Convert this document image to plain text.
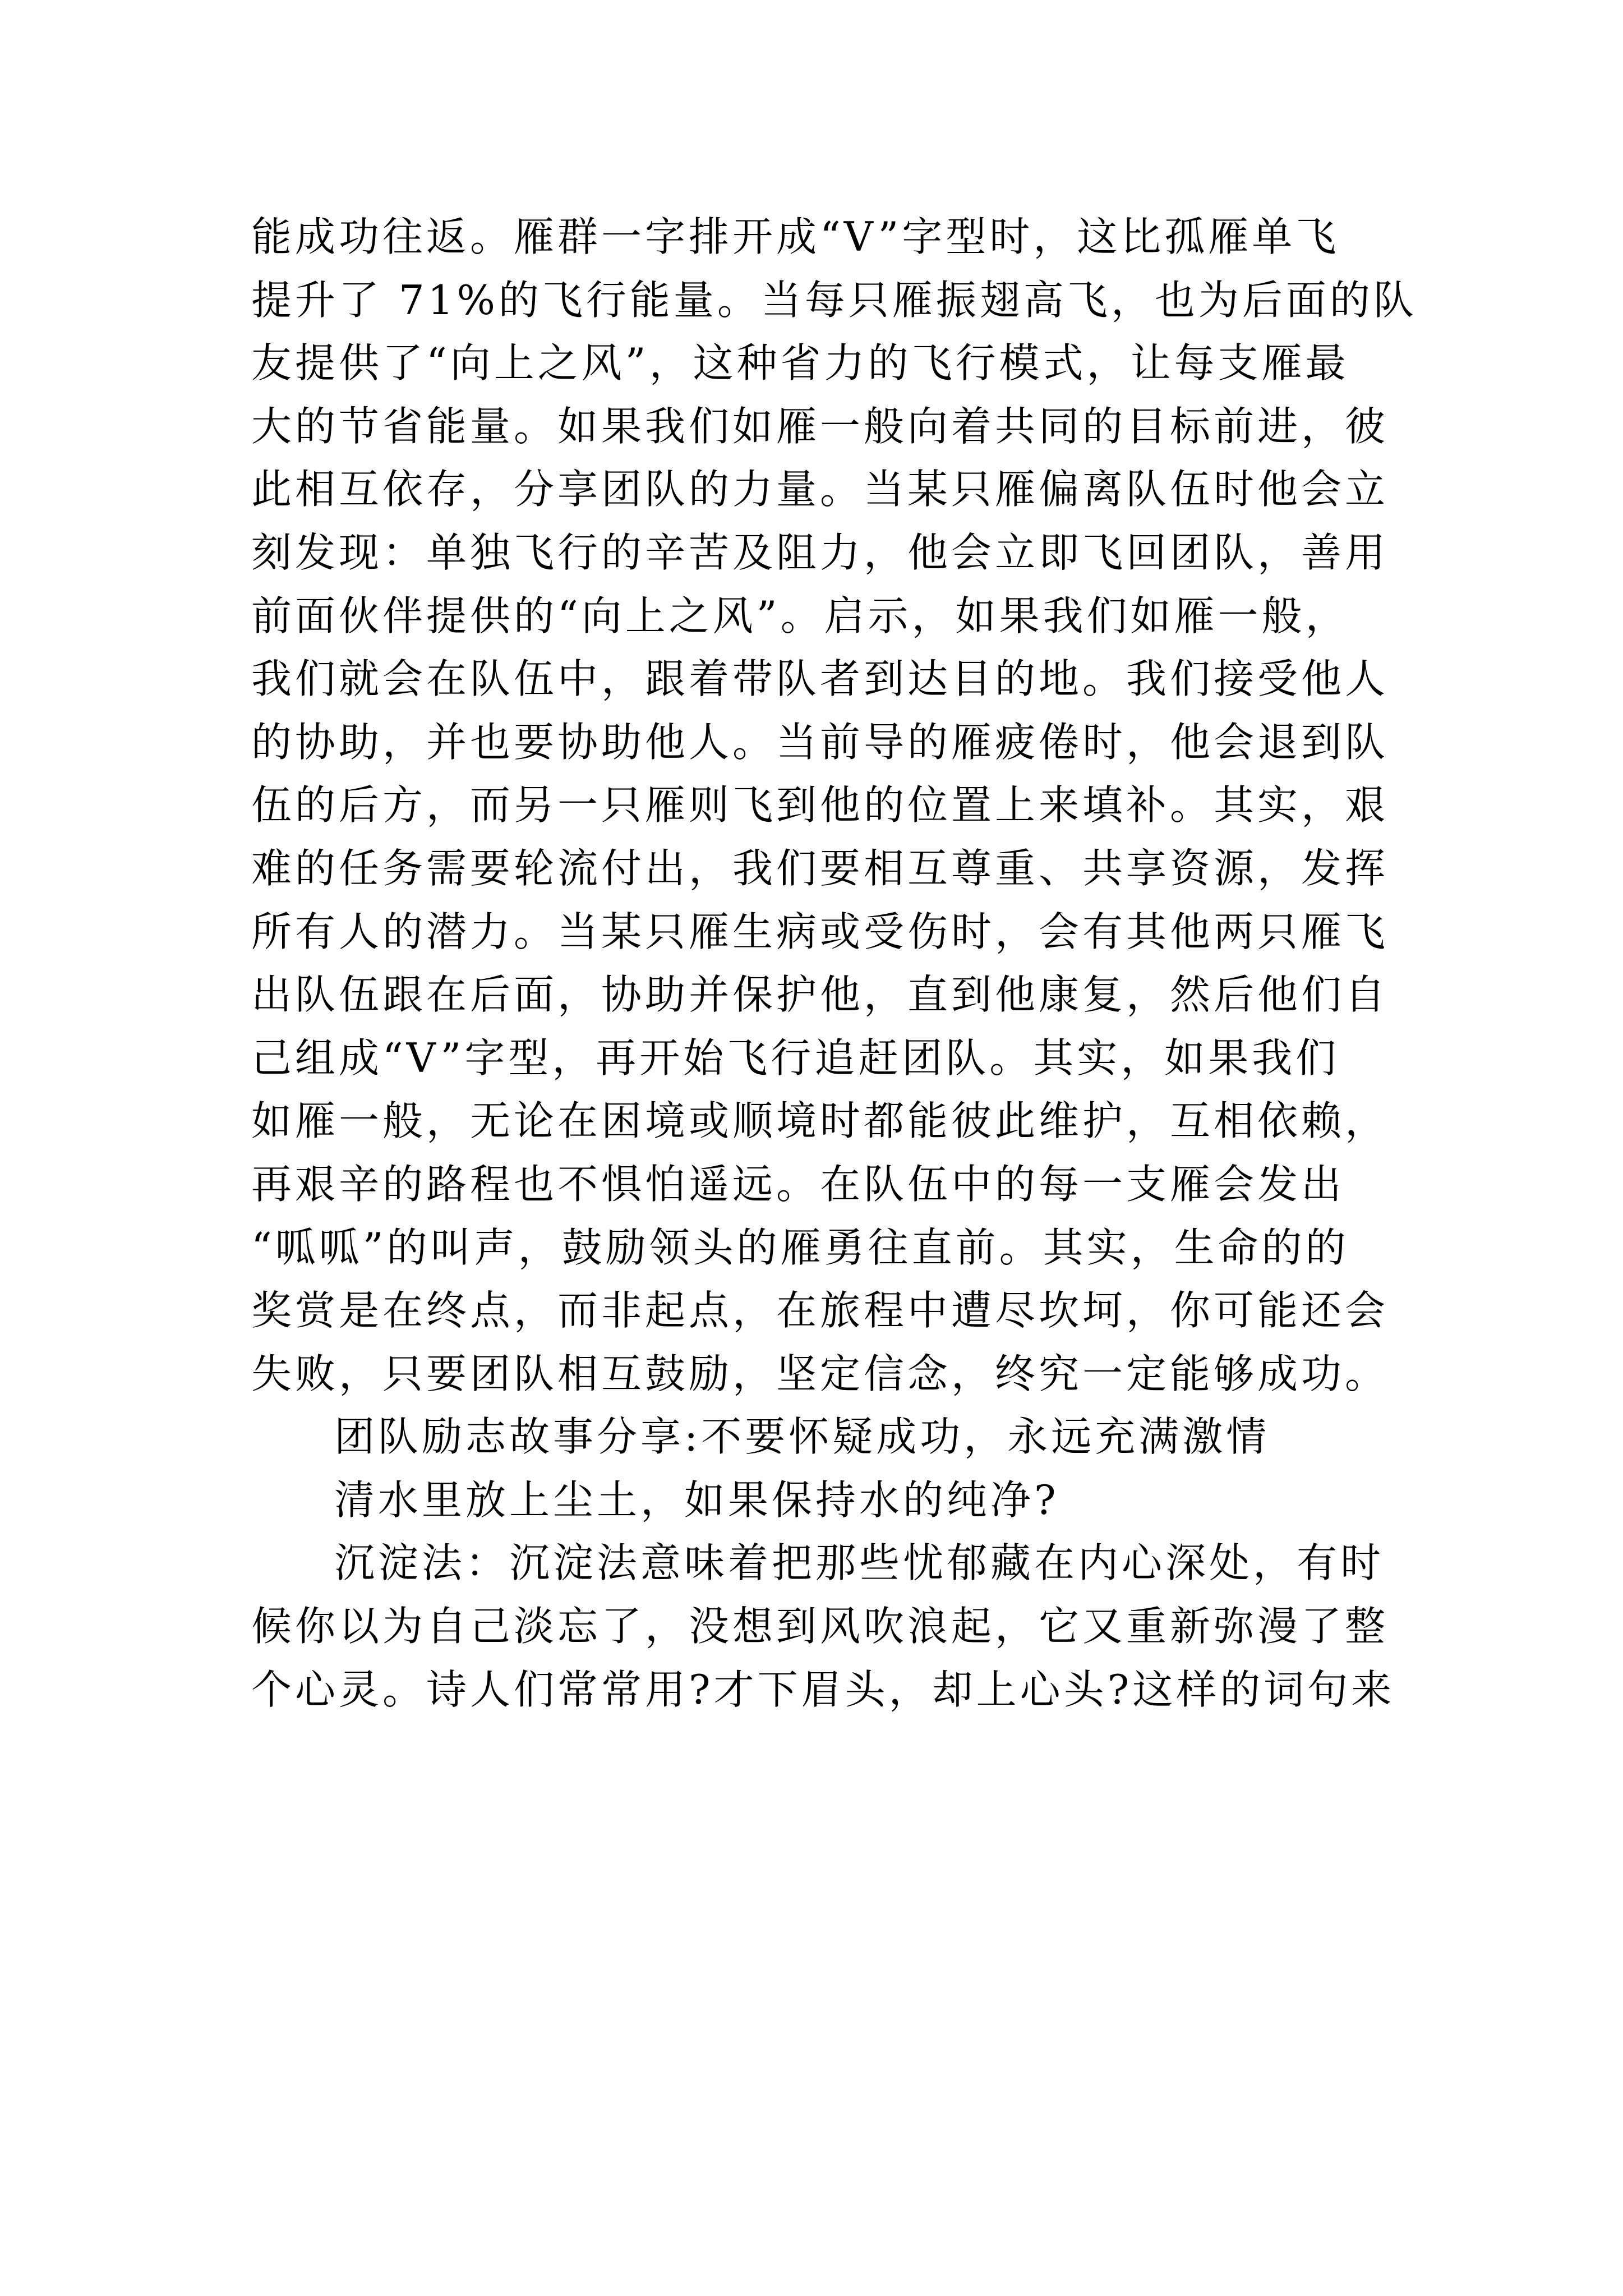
能成功往返。雁群一字排开成“V”字型时，这比孤雁单飞
提升了 71%的飞行能量。当每只雁振翅高飞，也为后面的队
友提供了“向上之风”，这种省力的飞行模式，让每支雁最
大的节省能量。如果我们如雁一般向着共同的目标前进，彼
此相互依存，分享团队的力量。当某只雁偏离队伍时他会立
刻发现：单独飞行的辛苦及阻力，他会立即飞回团队，善用
前面伙伴提供的“向上之风”。启示，如果我们如雁一般，
我们就会在队伍中，跟着带队者到达目的地。我们接受他人
的协助，并也要协助他人。当前导的雁疲倦时，他会退到队
伍的后方，而另一只雁则飞到他的位置上来填补。其实，艰
难的任务需要轮流付出，我们要相互尊重、共享资源，发挥
所有人的潜力。当某只雁生病或受伤时，会有其他两只雁飞
出队伍跟在后面，协助并保护他，直到他康复，然后他们自
己组成“V”字型，再开始飞行追赶团队。其实，如果我们
如雁一般，无论在困境或顺境时都能彼此维护，互相依赖，
再艰辛的路程也不惧怕遥远。在队伍中的每一支雁会发出
“呱呱”的叫声，鼓励领头的雁勇往直前。其实，生命的的
奖赏是在终点，而非起点，在旅程中遭尽坎坷，你可能还会
失败，只要团队相互鼓励，坚定信念，终究一定能够成功。
团队励志故事分享:不要怀疑成功，永远充满激情
清水里放上尘土，如果保持水的纯净?
沉淀法：沉淀法意味着把那些忧郁藏在内心深处，有时
候你以为自己淡忘了，没想到风吹浪起，它又重新弥漫了整
个心灵。诗人们常常用?才下眉头，却上心头?这样的词句来
